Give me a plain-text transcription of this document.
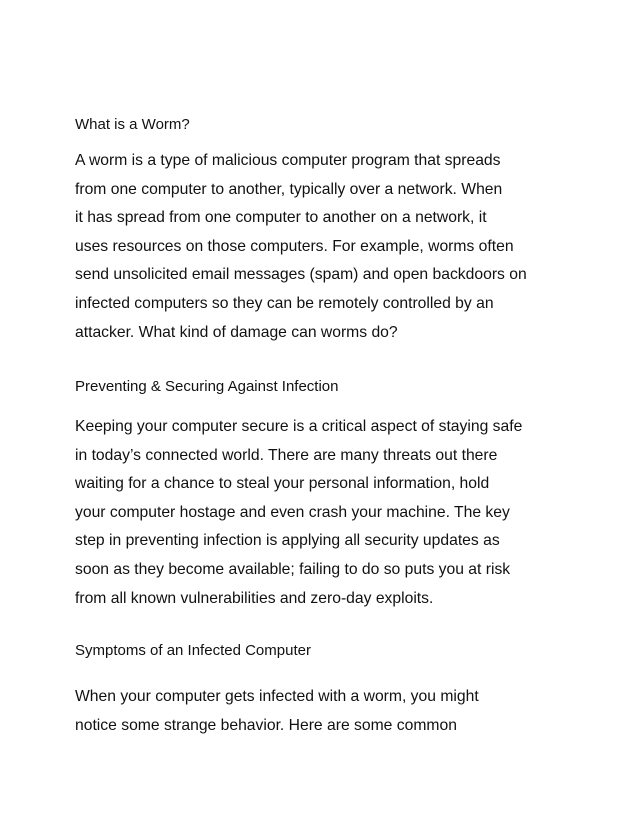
What is a Worm?

A worm is a type of malicious computer program that spreads
from one computer to another, typically over a network. When
it has spread from one computer to another on a network, it
uses resources on those computers. For example, worms often
send unsolicited email messages (spam) and open backdoors on
infected computers so they can be remotely controlled by an
attacker. What kind of damage can worms do?

Preventing & Securing Against Infection

Keeping your computer secure is a critical aspect of staying safe
in today’s connected world. There are many threats out there
waiting for a chance to steal your personal information, hold
your computer hostage and even crash your machine. The key
step in preventing infection is applying all security updates as
soon as they become available; failing to do so puts you at risk
from all known vulnerabilities and zero-day exploits.

Symptoms of an Infected Computer

When your computer gets infected with a worm, you might
notice some strange behavior. Here are some common
